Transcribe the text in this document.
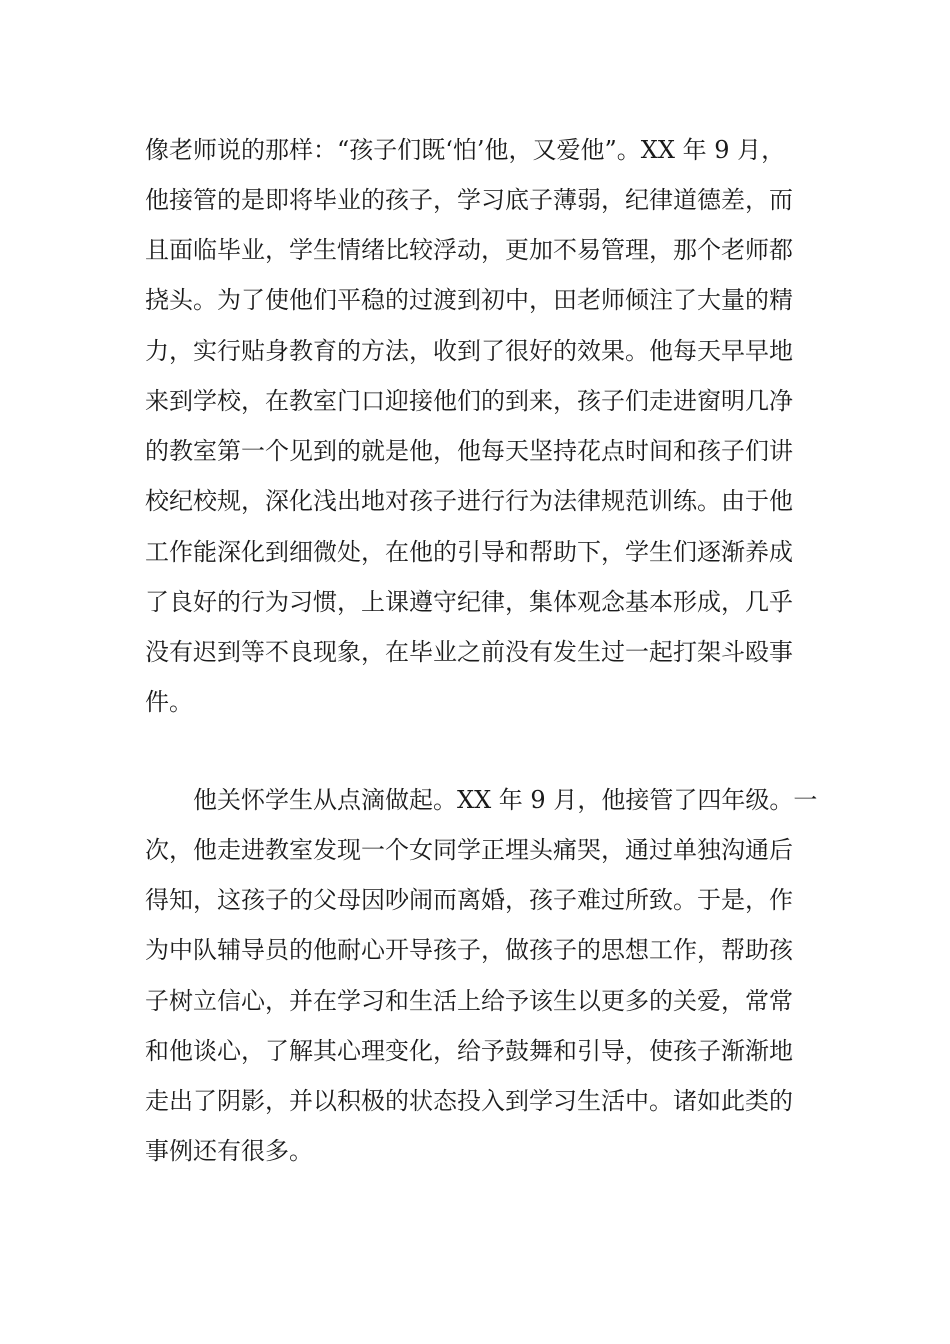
像老师说的那样：“孩子们既‘怕’他，又爱他”。XX 年 9 月，
他接管的是即将毕业的孩子，学习底子薄弱，纪律道德差，而
且面临毕业，学生情绪比较浮动，更加不易管理，那个老师都
挠头。为了使他们平稳的过渡到初中，田老师倾注了大量的精
力，实行贴身教育的方法，收到了很好的效果。他每天早早地
来到学校，在教室门口迎接他们的到来，孩子们走进窗明几净
的教室第一个见到的就是他，他每天坚持花点时间和孩子们讲
校纪校规，深化浅出地对孩子进行行为法律规范训练。由于他
工作能深化到细微处，在他的引导和帮助下，学生们逐渐养成
了良好的行为习惯，上课遵守纪律，集体观念基本形成，几乎
没有迟到等不良现象，在毕业之前没有发生过一起打架斗殴事
件。
他关怀学生从点滴做起。XX 年 9 月，他接管了四年级。一
次，他走进教室发现一个女同学正埋头痛哭，通过单独沟通后
得知，这孩子的父母因吵闹而离婚，孩子难过所致。于是，作
为中队辅导员的他耐心开导孩子，做孩子的思想工作，帮助孩
子树立信心，并在学习和生活上给予该生以更多的关爱，常常
和他谈心，了解其心理变化，给予鼓舞和引导，使孩子渐渐地
走出了阴影，并以积极的状态投入到学习生活中。诸如此类的
事例还有很多。
